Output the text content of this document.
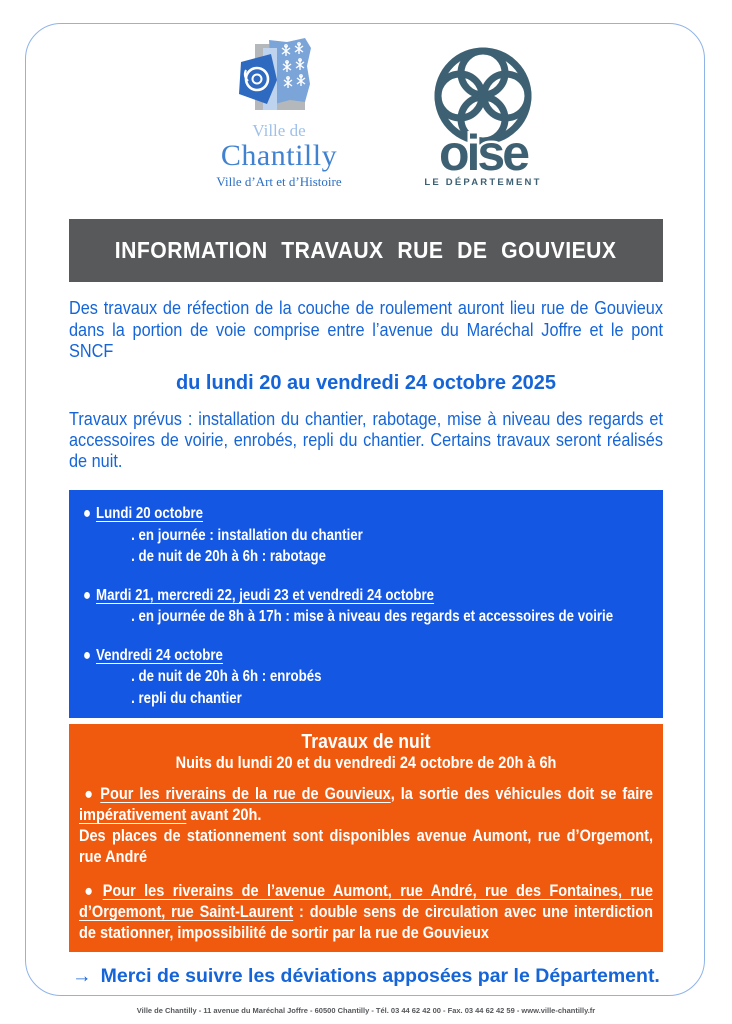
Ville de
Chantilly
Ville d’Art et d’Histoire
oise
LE DÉPARTEMENT
INFORMATION TRAVAUX RUE DE GOUVIEUX
Des travaux de réfection de la couche de roulement auront lieu rue de Gouvieux
dans la portion de voie comprise entre l’avenue du Maréchal Joffre et le pont SNCF
du lundi 20 au vendredi 24 octobre 2025
Travaux prévus : installation du chantier, rabotage, mise à niveau des regards et
accessoires de voirie, enrobés, repli du chantier. Certains travaux seront réalisés
de nuit.
● Lundi 20 octobre
. en journée : installation du chantier
. de nuit de 20h à 6h : rabotage
● Mardi 21, mercredi 22, jeudi 23 et vendredi 24 octobre
. en journée de 8h à 17h : mise à niveau des regards et accessoires de voirie
● Vendredi 24 octobre
. de nuit de 20h à 6h : enrobés
. repli du chantier
Travaux de nuit
Nuits du lundi 20 et du vendredi 24 octobre de 20h à 6h
● Pour les riverains de la rue de Gouvieux, la sortie des véhicules doit se faire impérativement avant 20h.
Des places de stationnement sont disponibles avenue Aumont, rue d’Orgemont, rue André
● Pour les riverains de l’avenue Aumont, rue André, rue des Fontaines, rue d’Orgemont, rue Saint-Laurent : double sens de circulation avec une interdiction de stationner, impossibilité de sortir par la rue de Gouvieux
→ Merci de suivre les déviations apposées par le Département.
Ville de Chantilly - 11 avenue du Maréchal Joffre - 60500 Chantilly - Tél. 03 44 62 42 00 - Fax. 03 44 62 42 59 - www.ville-chantilly.fr
